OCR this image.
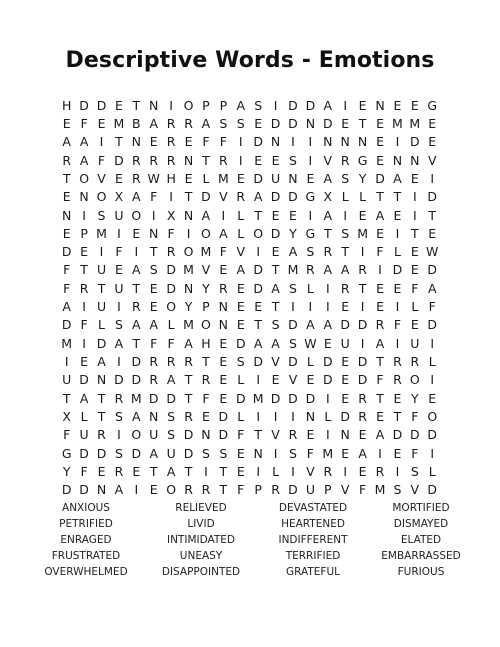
Descriptive Words - Emotions
H D D E T N I O P P A S I D D A I E N E E G
E F E M B A R R A S S E D D N D E T E M M E
A A I T N E R E F F I D N I	I N N N E I D E
R A F D R R R N T R I E E S I V R G E N N V
T O V E R W H E L M E D U N E A S Y D A E I
E N O X A F I T D V R A D D G X L L T T I D
N I S U O I X N A I L T E E I A I E A E I T
E P M I E N F I O A L O D Y G T S M E I T E
D E I F I T R O M F V I E A S R T I F L E W
F T U E A S D M V E A D T M R A A R I D E D
F R T U T E D N Y R E D A S L I R T E E F A
A I U I R E O Y P N E E T I	I	I E I E I L F
D F L S A A L M O N E T S D A A D D R F E D
M I D A T F F A H E D A A S W E U I A I U I
I E A I D R R R T E S D V D L D E D T R R L
U D N D D R A T R E L I E V E D E D F R O I
T A T R M D D T F E D M D D D I E R T E Y E
X L T S A N S R E D L I	I	I N L D R E T F O
F U R I O U S D N D F T V R E I N E A D D D
G D D S D A U D S S E N I S F M E A I E F I
Y F E R E T A T I T E I L I V R I E R I S L
D D N A I E O R R T F P R D U P V F M S V D
ANXIOUS	RELIEVED	DEVASTATED	MORTIFIED
PETRIFIED	LIVID	HEARTENED	DISMAYED
ENRAGED	INTIMIDATED	INDIFFERENT	ELATED
FRUSTRATED	UNEASY	TERRIFIED	EMBARRASSED
OVERWHELMED	DISAPPOINTED	GRATEFUL	FURIOUS
